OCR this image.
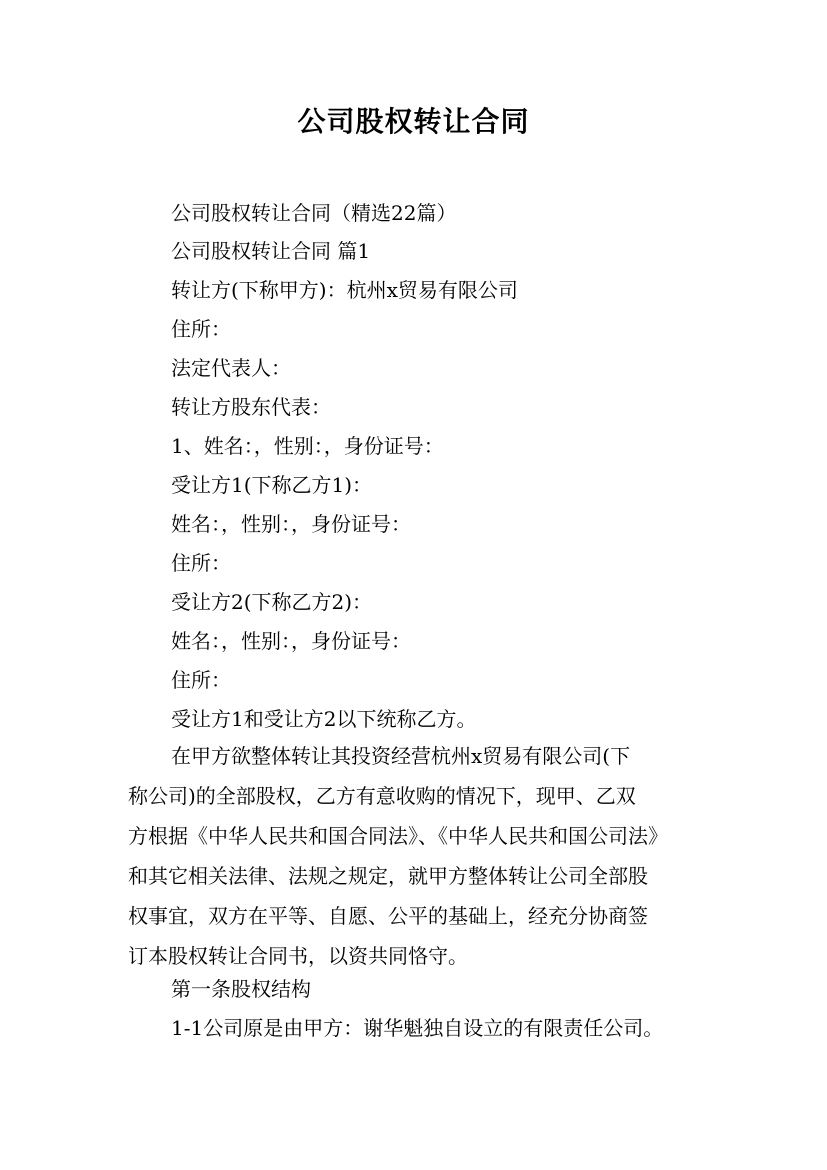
公司股权转让合同

公司股权转让合同（精选22篇）

公司股权转让合同 篇1

转让方(下称甲方)：杭州x贸易有限公司

住所：

法定代表人：

转让方股东代表：

1、姓名：，性别：，身份证号：

受让方1(下称乙方1)：

姓名：，性别：，身份证号：

住所：

受让方2(下称乙方2)：

姓名：，性别：，身份证号：

住所：

受让方1和受让方2以下统称乙方。

在甲方欲整体转让其投资经营杭州x贸易有限公司(下
称公司)的全部股权，乙方有意收购的情况下，现甲、乙双
方根据《中华人民共和国合同法》、《中华人民共和国公司法》
和其它相关法律、法规之规定，就甲方整体转让公司全部股
权事宜，双方在平等、自愿、公平的基础上，经充分协商签
订本股权转让合同书，以资共同恪守。

第一条股权结构

1-1公司原是由甲方：谢华魁独自设立的有限责任公司。
